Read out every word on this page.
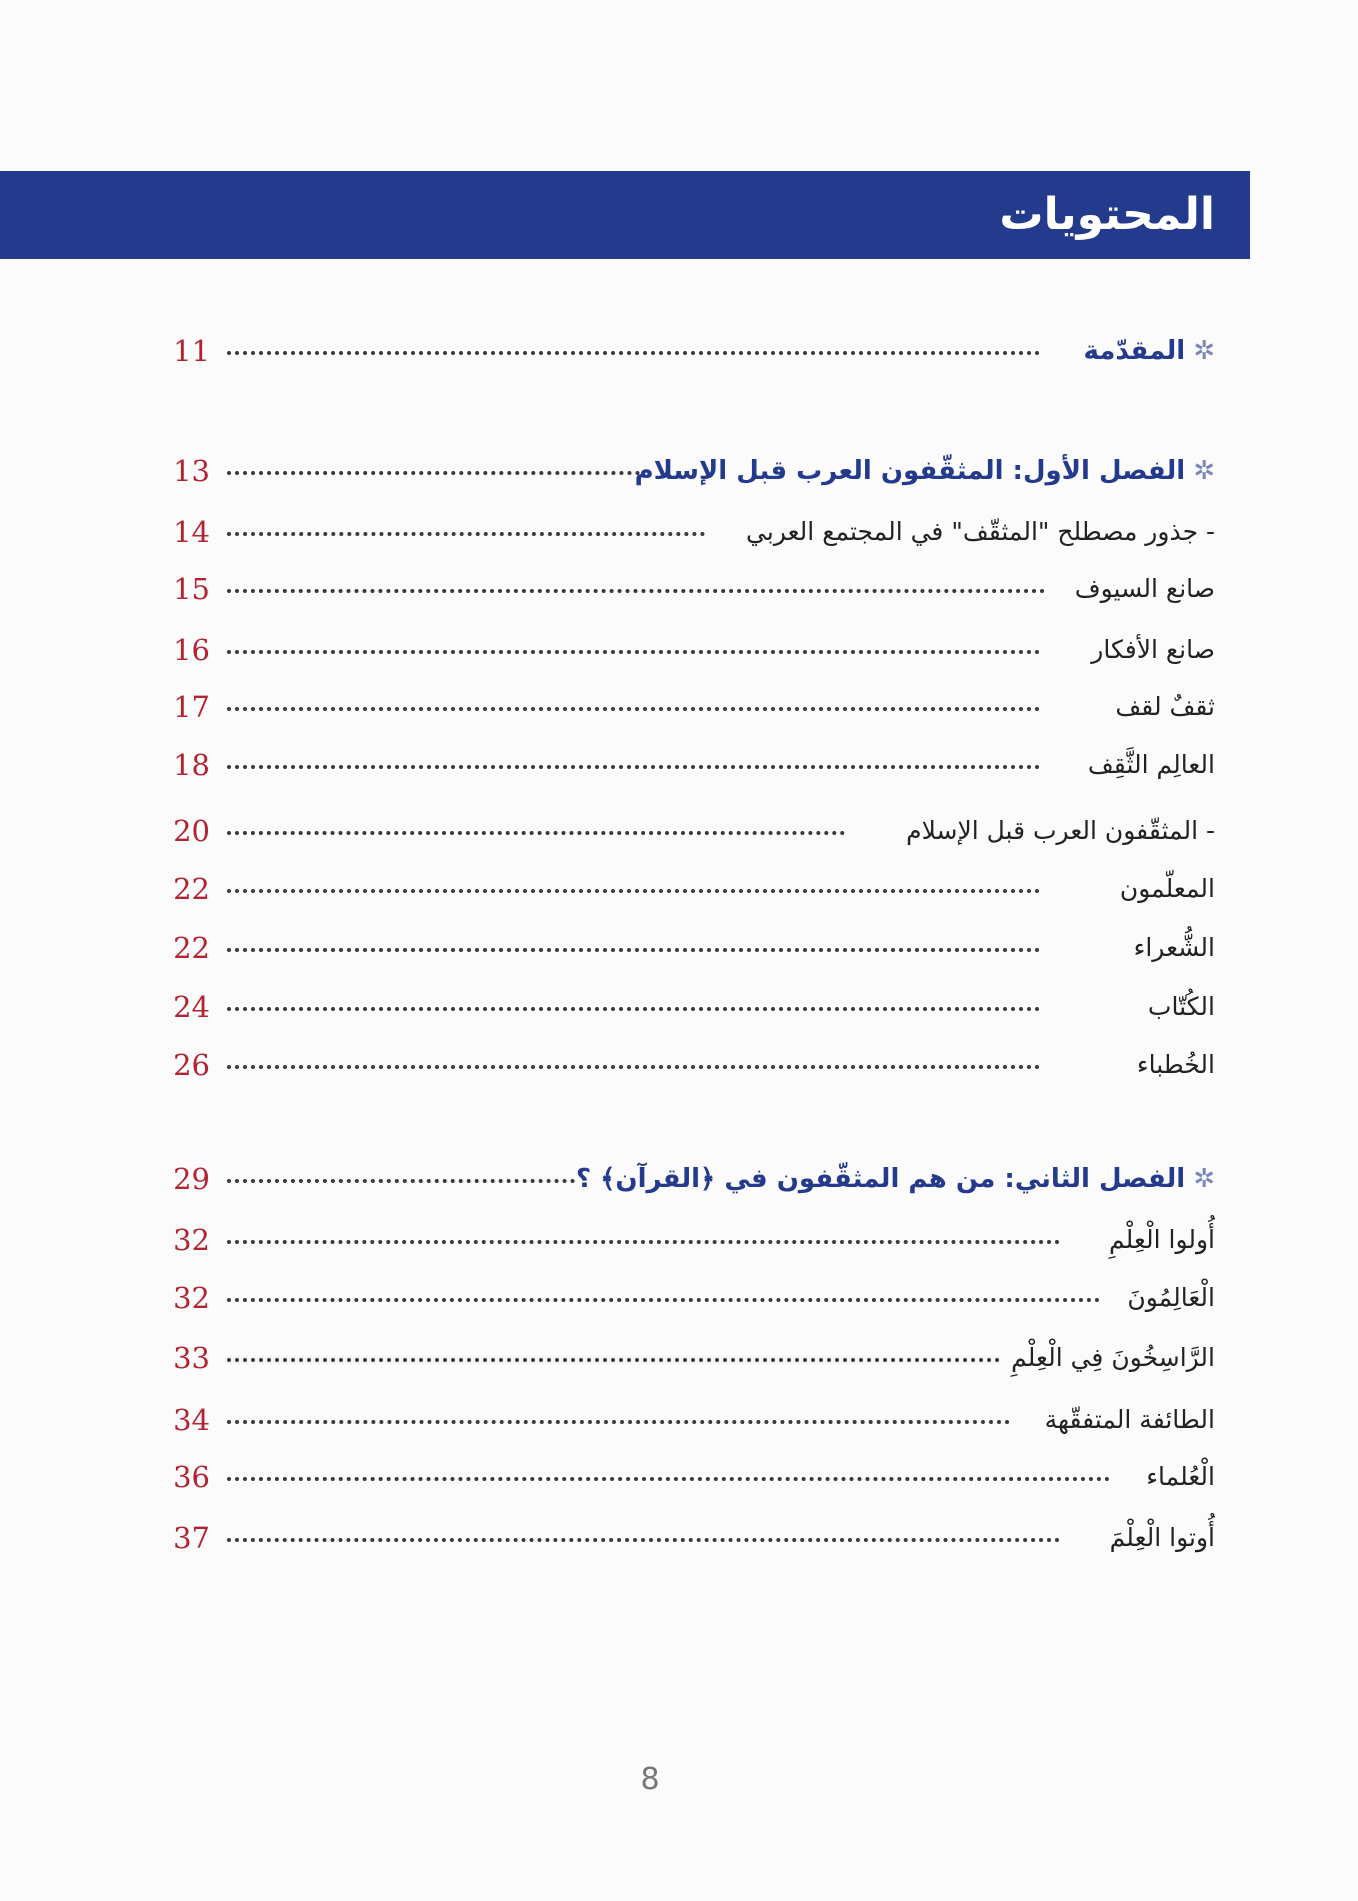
المحتويات
11	✲المقدّمة
13	✲الفصل الأول: المثقّفون العرب قبل الإسلام
14	- جذور مصطلح "المثقّف" في المجتمع العربي
15	صانع السيوف
16	صانع الأفكار
17	ثقفٌ لقف
18	العالِم الثَّقِف
20	- المثقّفون العرب قبل الإسلام
22	المعلّمون
22	الشُّعراء
24	الكُتّاب
26	الخُطباء
29	✲الفصل الثاني: من هم المثقّفون في ﴿القرآن﴾ ؟
32	أُولوا الْعِلْمِ
32	الْعَالِمُونَ
33	الرَّاسِخُونَ فِي الْعِلْمِ
34	الطائفة المتفقّهة
36	الْعُلماء
37	أُوتوا الْعِلْمَ
8
